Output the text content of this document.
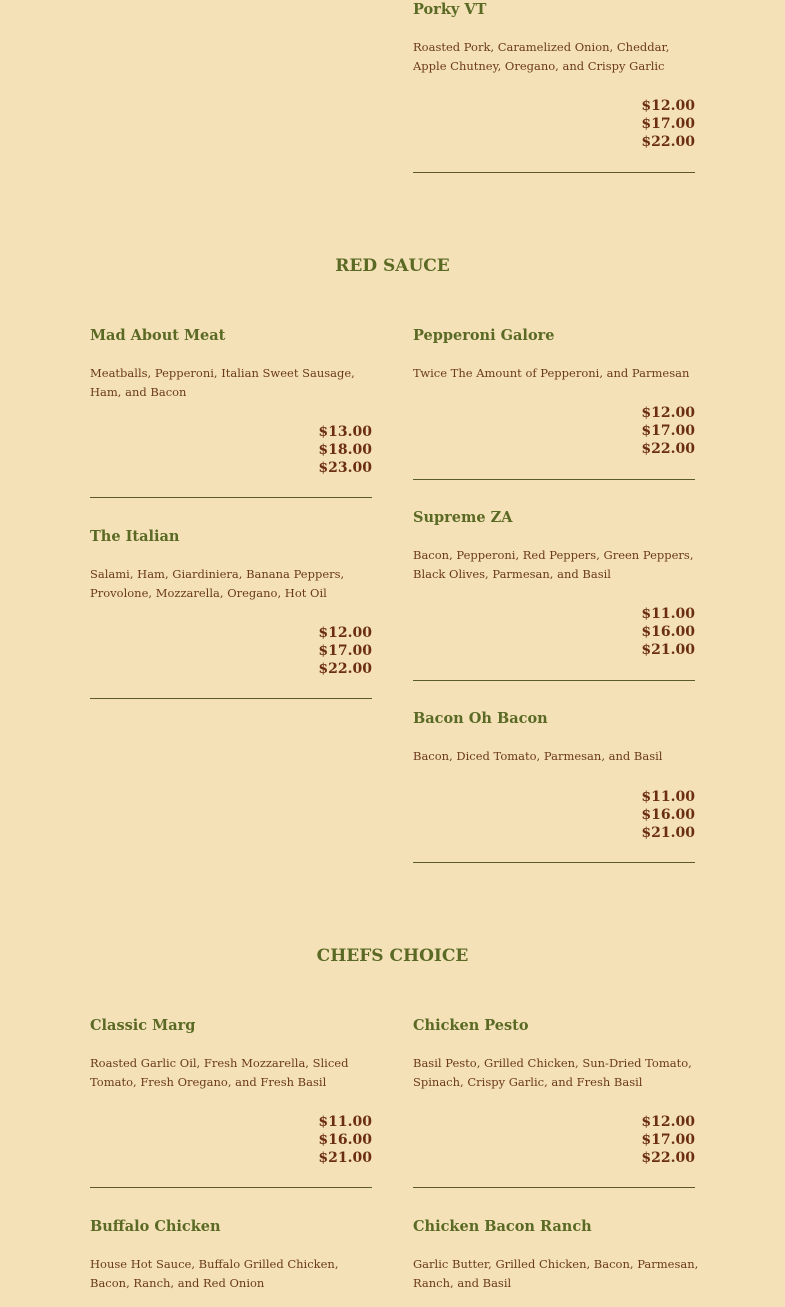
Porky VT

Roasted Pork, Caramelized Onion, Cheddar, Apple Chutney, Oregano, and Crispy Garlic

$12.00
$17.00
$22.00
RED SAUCE
Mad About Meat

Meatballs, Pepperoni, Italian Sweet Sausage, Ham, and Bacon

$13.00
$18.00
$23.00
Pepperoni Galore

Twice The Amount of Pepperoni, and Parmesan

$12.00
$17.00
$22.00
The Italian

Salami, Ham, Giardiniera, Banana Peppers, Provolone, Mozzarella, Oregano, Hot Oil

$12.00
$17.00
$22.00
Supreme ZA

Bacon, Pepperoni, Red Peppers, Green Peppers, Black Olives, Parmesan, and Basil

$11.00
$16.00
$21.00
Bacon Oh Bacon

Bacon, Diced Tomato, Parmesan, and Basil

$11.00
$16.00
$21.00
CHEFS CHOICE
Classic Marg

Roasted Garlic Oil, Fresh Mozzarella, Sliced Tomato, Fresh Oregano, and Fresh Basil

$11.00
$16.00
$21.00
Chicken Pesto

Basil Pesto, Grilled Chicken, Sun-Dried Tomato, Spinach, Crispy Garlic, and Fresh Basil

$12.00
$17.00
$22.00
Buffalo Chicken

House Hot Sauce, Buffalo Grilled Chicken, Bacon, Ranch, and Red Onion

Chicken Bacon Ranch

Garlic Butter, Grilled Chicken, Bacon, Parmesan, Ranch, and Basil
